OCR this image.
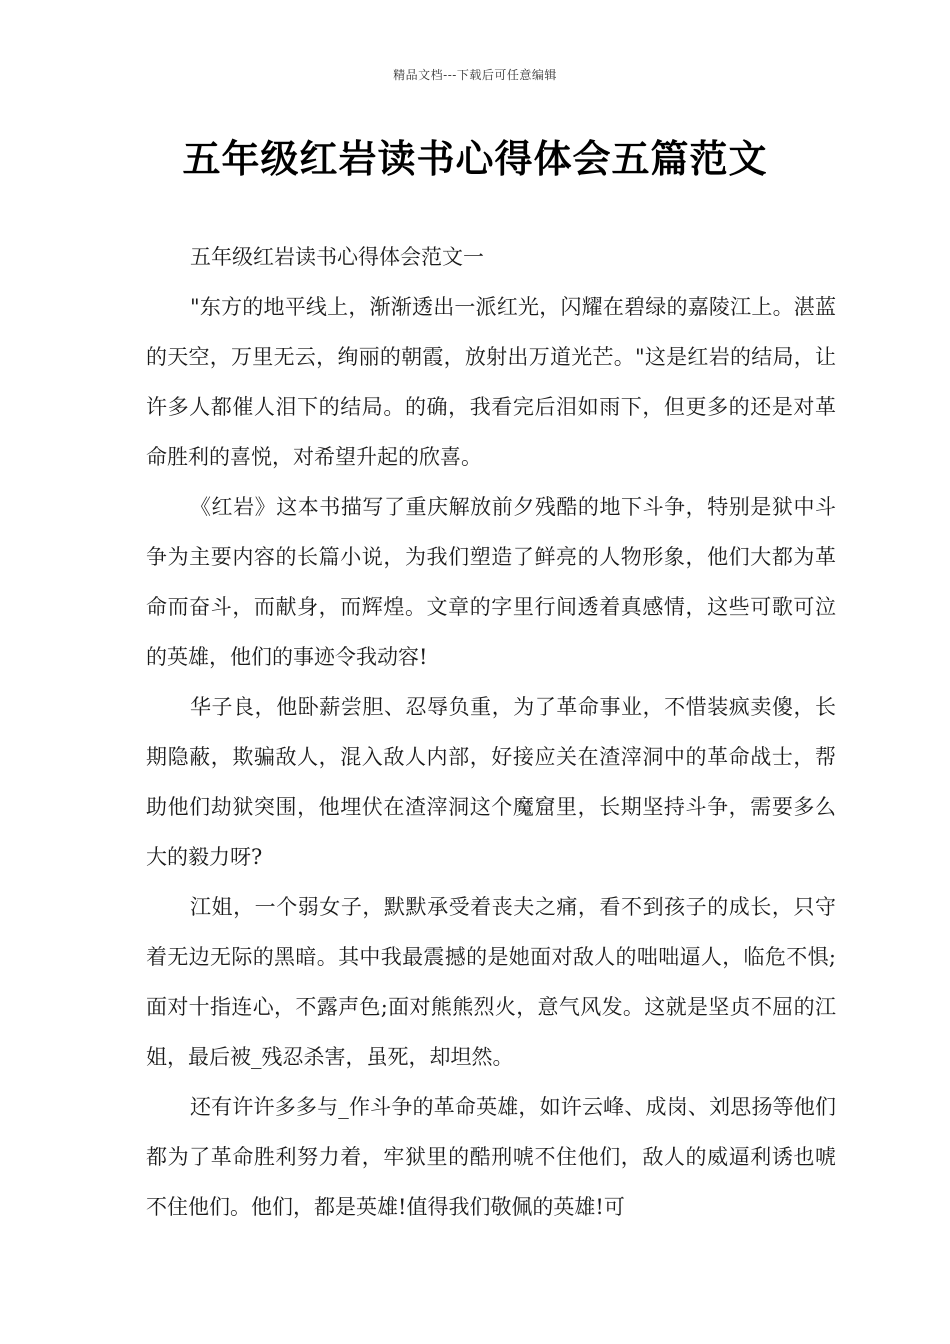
精品文档---下载后可任意编辑
五年级红岩读书心得体会五篇范文
五年级红岩读书心得体会范文一

"东方的地平线上，渐渐透出一派红光，闪耀在碧绿的嘉陵江上。湛蓝的天空，万里无云，绚丽的朝霞，放射出万道光芒。"这是红岩的结局，让许多人都催人泪下的结局。的确，我看完后泪如雨下，但更多的还是对革命胜利的喜悦，对希望升起的欣喜。

《红岩》这本书描写了重庆解放前夕残酷的地下斗争，特别是狱中斗争为主要内容的长篇小说，为我们塑造了鲜亮的人物形象，他们大都为革命而奋斗，而献身，而辉煌。文章的字里行间透着真感情，这些可歌可泣的英雄，他们的事迹令我动容!

华子良，他卧薪尝胆、忍辱负重，为了革命事业，不惜装疯卖傻，长期隐蔽，欺骗敌人，混入敌人内部，好接应关在渣滓洞中的革命战士，帮助他们劫狱突围，他埋伏在渣滓洞这个魔窟里，长期坚持斗争，需要多么大的毅力呀?

江姐，一个弱女子，默默承受着丧夫之痛，看不到孩子的成长，只守着无边无际的黑暗。其中我最震撼的是她面对敌人的咄咄逼人，临危不惧;面对十指连心，不露声色;面对熊熊烈火，意气风发。这就是坚贞不屈的江姐，最后被_残忍杀害，虽死，却坦然。

还有许许多多与_作斗争的革命英雄，如许云峰、成岗、刘思扬等他们都为了革命胜利努力着，牢狱里的酷刑唬不住他们，敌人的威逼利诱也唬不住他们。他们，都是英雄!值得我们敬佩的英雄!可
